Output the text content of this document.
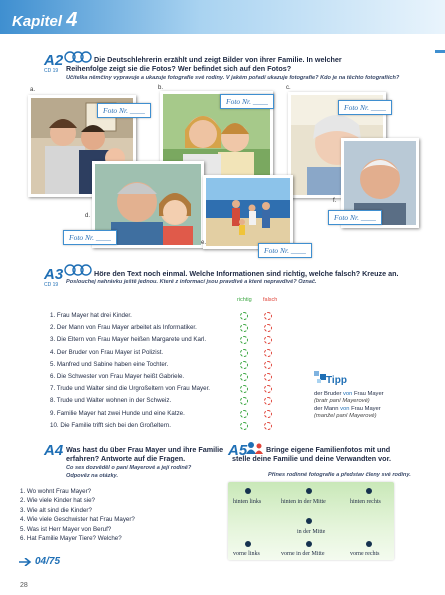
Kapitel 4
A2
CD 19
Die Deutschlehrerin erzählt und zeigt Bilder von ihrer Familie. In welcher Reihenfolge zeigt sie die Fotos? Wer befindet sich auf den Fotos?
Učitelka němčiny vypravuje a ukazuje fotografie své rodiny. V jakém pořadí ukazuje fotografie? Kdo je na těchto fotografiích?
a.
Foto Nr. ____
b.
Foto Nr. ____
c.
Foto Nr. ____
d.
Foto Nr. ____
e.
Foto Nr. ____
f.
Foto Nr. ____
A3
CD 19
Höre den Text noch einmal. Welche Informationen sind richtig, welche falsch? Kreuze an.
Poslouchej nahrávku ještě jednou. Které z informací jsou pravdivé a které nepravdivé? Označ.
richtig falsch
1. Frau Mayer hat drei Kinder.
2. Der Mann von Frau Mayer arbeitet als Informatiker.
3. Die Eltern von Frau Mayer heißen Margarete und Karl.
4. Der Bruder von Frau Mayer ist Polizist.
5. Manfred und Sabine haben eine Tochter.
6. Die Schwester von Frau Mayer heißt Gabriele.
7. Trude und Walter sind die Urgroßeltern von Frau Mayer.
8. Trude und Walter wohnen in der Schweiz.
9. Familie Mayer hat zwei Hunde und eine Katze.
10. Die Familie trifft sich bei den Großeltern.
Tipp
der Bruder von Frau Mayer
(bratr paní Mayerové)
der Mann von Frau Mayer
(manžel paní Mayerové)
A4 Was hast du über Frau Mayer und ihre Familie erfahren? Antworte auf die Fragen.
Co ses dozvěděl o paní Mayerové a její rodině?
Odpověz na otázky.
1. Wo wohnt Frau Mayer?
2. Wie viele Kinder hat sie?
3. Wie alt sind die Kinder?
4. Wie viele Geschwister hat Frau Mayer?
5. Was ist Herr Mayer von Beruf?
6. Hat Familie Mayer Tiere? Welche?
04/75
A5	Bringe eigene Familienfotos mit und stelle deine Familie und deine Verwandten vor.
Přines rodinné fotografie a představ členy své rodiny.
hinten links	hinten in der Mitte	hinten rechts
in der Mitte
vorne links	vorne in der Mitte	vorne rechts
28
